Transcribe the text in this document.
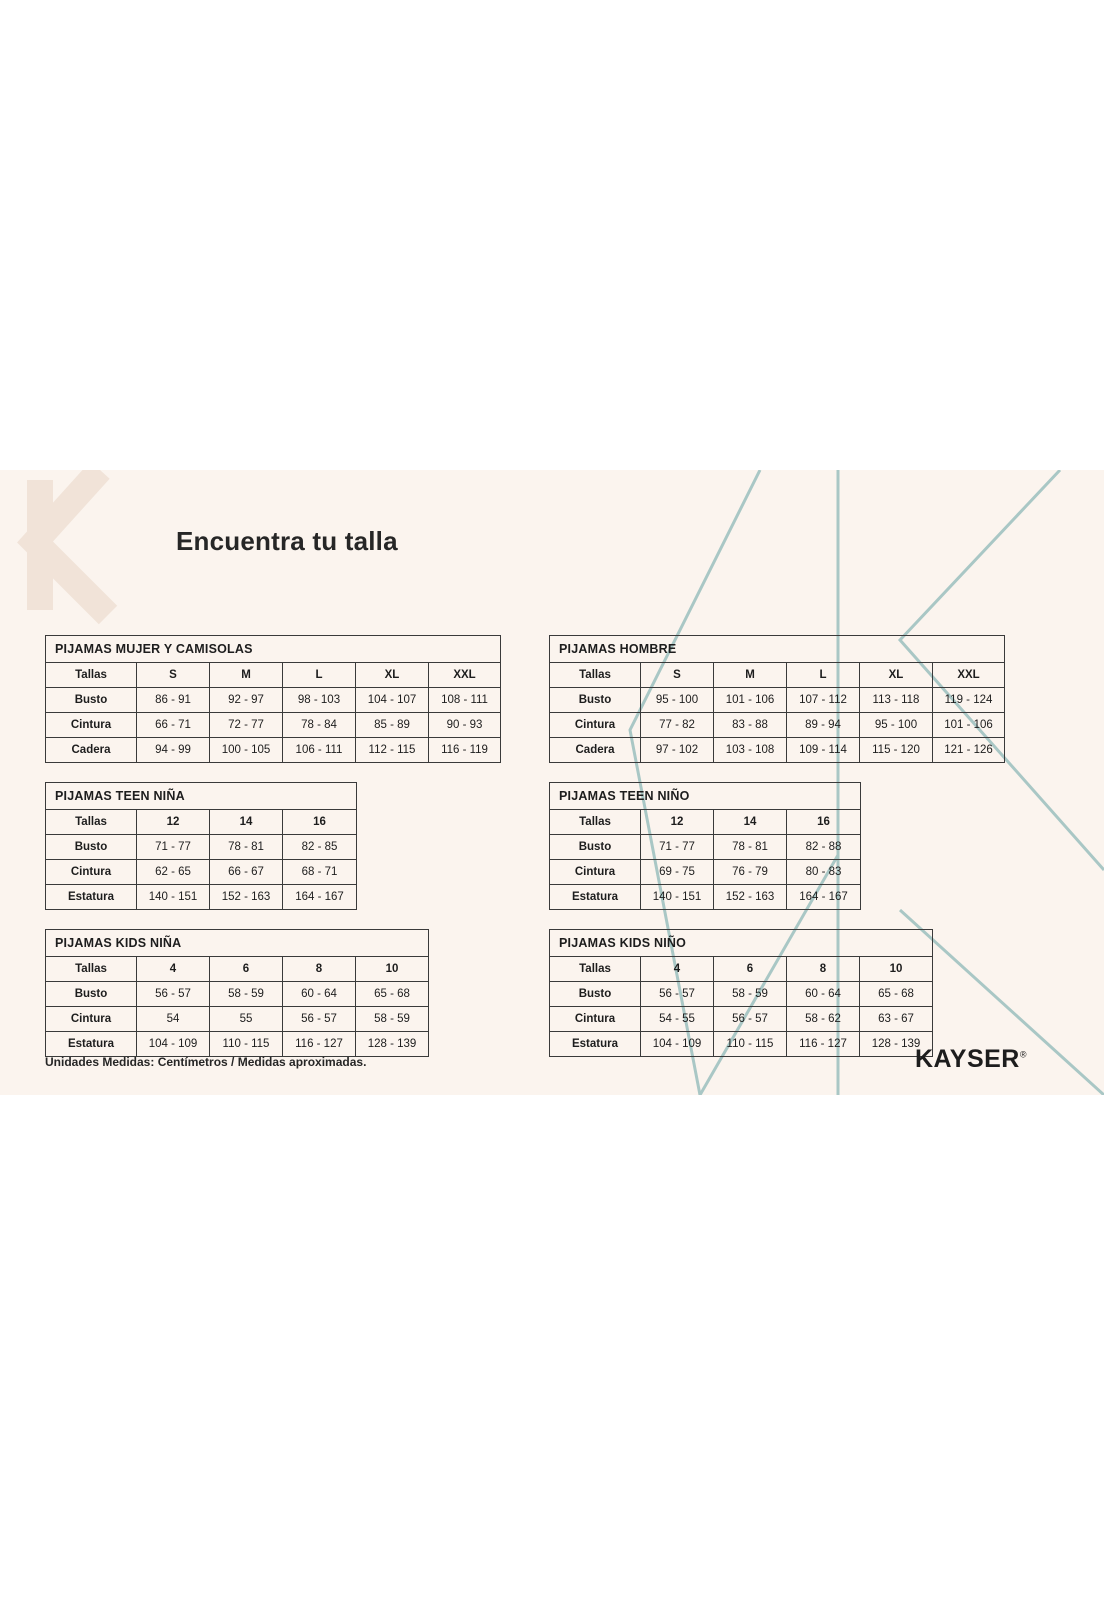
Encuentra tu talla
PIJAMAS MUJER Y CAMISOLAS					
Tallas	S	M	L	XL	XXL
Busto	86 - 91	92 - 97	98 - 103	104 - 107	108 - 111
Cintura	66 - 71	72 - 77	78 - 84	85 - 89	90 - 93
Cadera	94 - 99	100 - 105	106 - 111	112 - 115	116 - 119
PIJAMAS TEEN NIÑA			
Tallas	12	14	16
Busto	71 - 77	78 - 81	82 - 85
Cintura	62 - 65	66 - 67	68 - 71
Estatura	140 - 151	152 - 163	164 - 167
PIJAMAS KIDS NIÑA				
Tallas	4	6	8	10
Busto	56 - 57	58 - 59	60 - 64	65 - 68
Cintura	54	55	56 - 57	58 - 59
Estatura	104 - 109	110 - 115	116 - 127	128 - 139
PIJAMAS HOMBRE					
Tallas	S	M	L	XL	XXL
Busto	95 - 100	101 - 106	107 - 112	113 - 118	119 - 124
Cintura	77 - 82	83 - 88	89 - 94	95 - 100	101 - 106
Cadera	97 - 102	103 - 108	109 - 114	115 - 120	121 - 126
PIJAMAS TEEN NIÑO			
Tallas	12	14	16
Busto	71 - 77	78 - 81	82 - 88
Cintura	69 - 75	76 - 79	80 - 83
Estatura	140 - 151	152 - 163	164 - 167
PIJAMAS KIDS NIÑO				
Tallas	4	6	8	10
Busto	56 - 57	58 - 59	60 - 64	65 - 68
Cintura	54 - 55	56 - 57	58 - 62	63 - 67
Estatura	104 - 109	110 - 115	116 - 127	128 - 139
Unidades Medidas: Centímetros / Medidas aproximadas.	KAYSER®
